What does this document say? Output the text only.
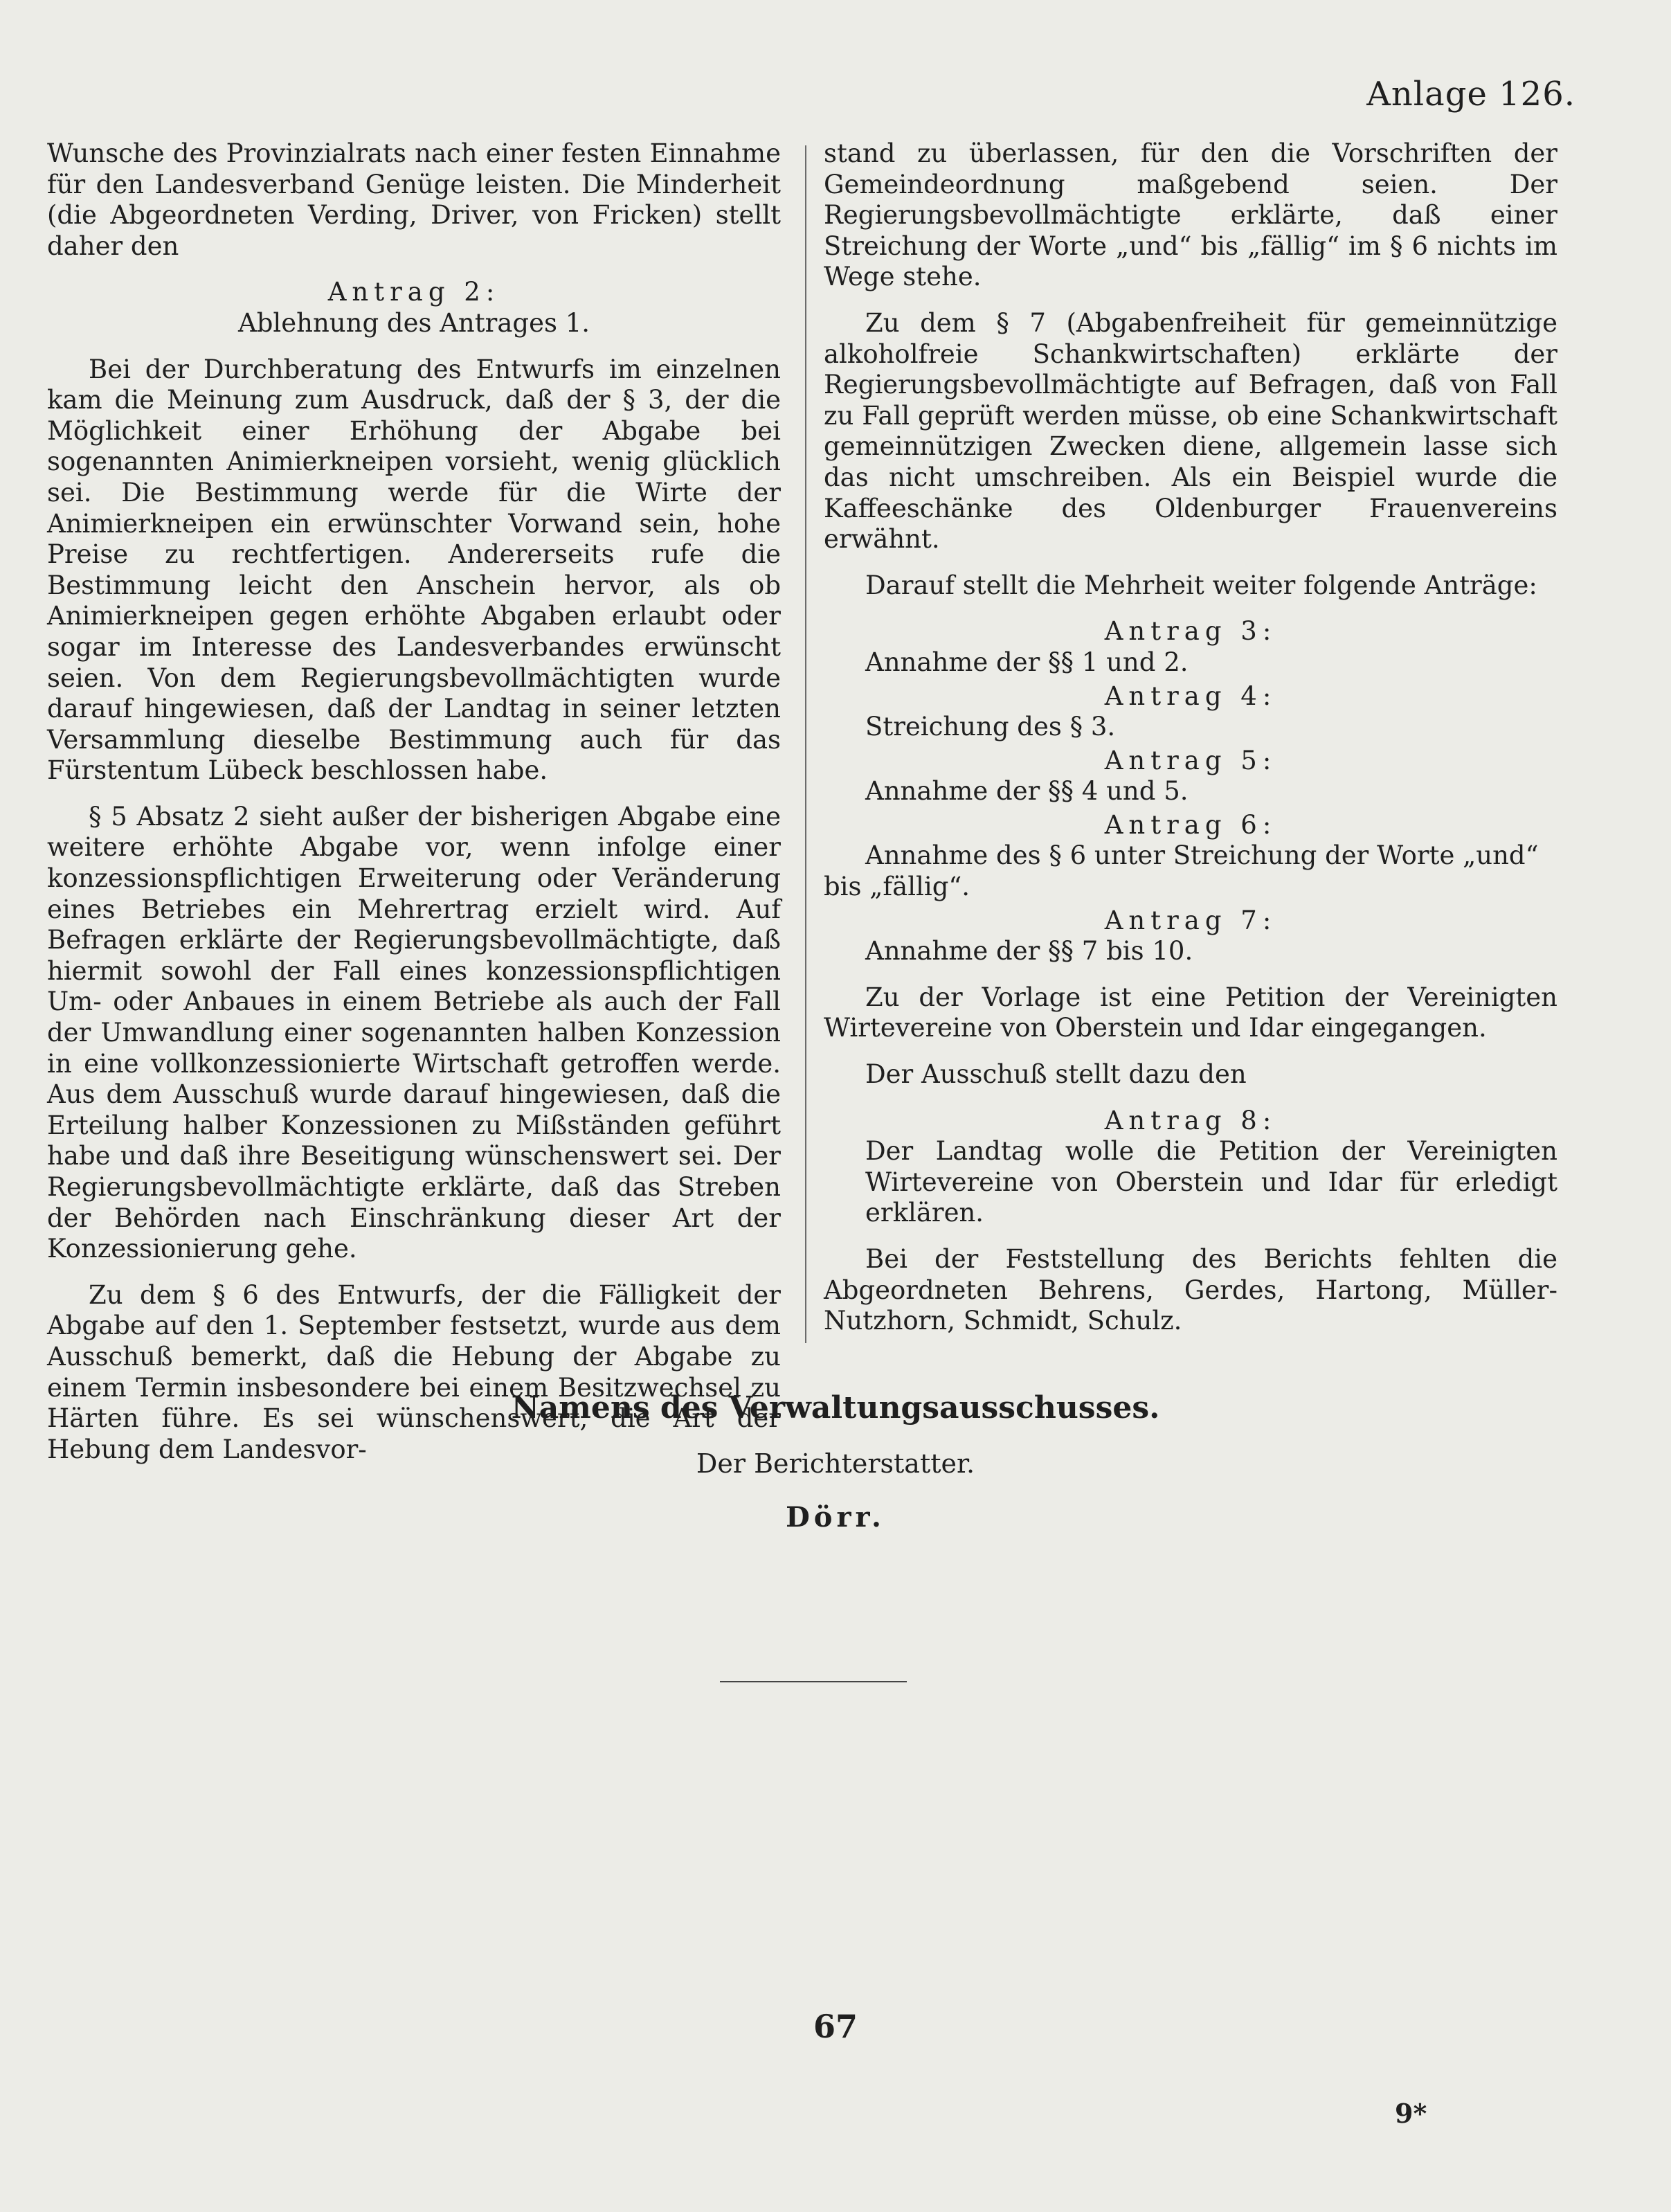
Anlage 126.

Wunsche des Provinzialrats nach einer festen Einnahme für den Landesverband Genüge leisten. Die Minderheit (die Abgeordneten Verding, Driver, von Fricken) stellt daher den

Antrag 2:
Ablehnung des Antrages 1.

Bei der Durchberatung des Entwurfs im einzelnen kam die Meinung zum Ausdruck, daß der § 3, der die Möglichkeit einer Erhöhung der Abgabe bei sogenannten Animierkneipen vorsieht, wenig glücklich sei. Die Bestimmung werde für die Wirte der Animierkneipen ein erwünschter Vorwand sein, hohe Preise zu rechtfertigen. Andererseits rufe die Bestimmung leicht den Anschein hervor, als ob Animierkneipen gegen erhöhte Abgaben erlaubt oder sogar im Interesse des Landesverbandes erwünscht seien. Von dem Regierungsbevollmächtigten wurde darauf hingewiesen, daß der Landtag in seiner letzten Versammlung dieselbe Bestimmung auch für das Fürstentum Lübeck beschlossen habe.

§ 5 Absatz 2 sieht außer der bisherigen Abgabe eine weitere erhöhte Abgabe vor, wenn infolge einer konzessionspflichtigen Erweiterung oder Veränderung eines Betriebes ein Mehrertrag erzielt wird. Auf Befragen erklärte der Regierungsbevollmächtigte, daß hiermit sowohl der Fall eines konzessionspflichtigen Um- oder Anbaues in einem Betriebe als auch der Fall der Umwandlung einer sogenannten halben Konzession in eine vollkonzessionierte Wirtschaft getroffen werde. Aus dem Ausschuß wurde darauf hingewiesen, daß die Erteilung halber Konzessionen zu Mißständen geführt habe und daß ihre Beseitigung wünschenswert sei. Der Regierungsbevollmächtigte erklärte, daß das Streben der Behörden nach Einschränkung dieser Art der Konzessionierung gehe.

Zu dem § 6 des Entwurfs, der die Fälligkeit der Abgabe auf den 1. September festsetzt, wurde aus dem Ausschuß bemerkt, daß die Hebung der Abgabe zu einem Termin insbesondere bei einem Besitzwechsel zu Härten führe. Es sei wünschenswert, die Art der Hebung dem Landesvor-

stand zu überlassen, für den die Vorschriften der Gemeindeordnung maßgebend seien. Der Regierungsbevollmächtigte erklärte, daß einer Streichung der Worte „und“ bis „fällig“ im § 6 nichts im Wege stehe.

Zu dem § 7 (Abgabenfreiheit für gemeinnützige alkoholfreie Schankwirtschaften) erklärte der Regierungsbevollmächtigte auf Befragen, daß von Fall zu Fall geprüft werden müsse, ob eine Schankwirtschaft gemeinnützigen Zwecken diene, allgemein lasse sich das nicht umschreiben. Als ein Beispiel wurde die Kaffeeschänke des Oldenburger Frauenvereins erwähnt.

Darauf stellt die Mehrheit weiter folgende Anträge:

Antrag 3:
Annahme der §§ 1 und 2.
Antrag 4:
Streichung des § 3.
Antrag 5:
Annahme der §§ 4 und 5.
Antrag 6:
Annahme des § 6 unter Streichung der Worte „und“ bis „fällig“.
Antrag 7:
Annahme der §§ 7 bis 10.

Zu der Vorlage ist eine Petition der Vereinigten Wirtevereine von Oberstein und Idar eingegangen.

Der Ausschuß stellt dazu den

Antrag 8:
Der Landtag wolle die Petition der Vereinigten Wirtevereine von Oberstein und Idar für erledigt erklären.

Bei der Feststellung des Berichts fehlten die Abgeordneten Behrens, Gerdes, Hartong, Müller-Nutzhorn, Schmidt, Schulz.

Namens des Verwaltungsausschusses.
Der Berichterstatter.
Dörr.
67
9*
